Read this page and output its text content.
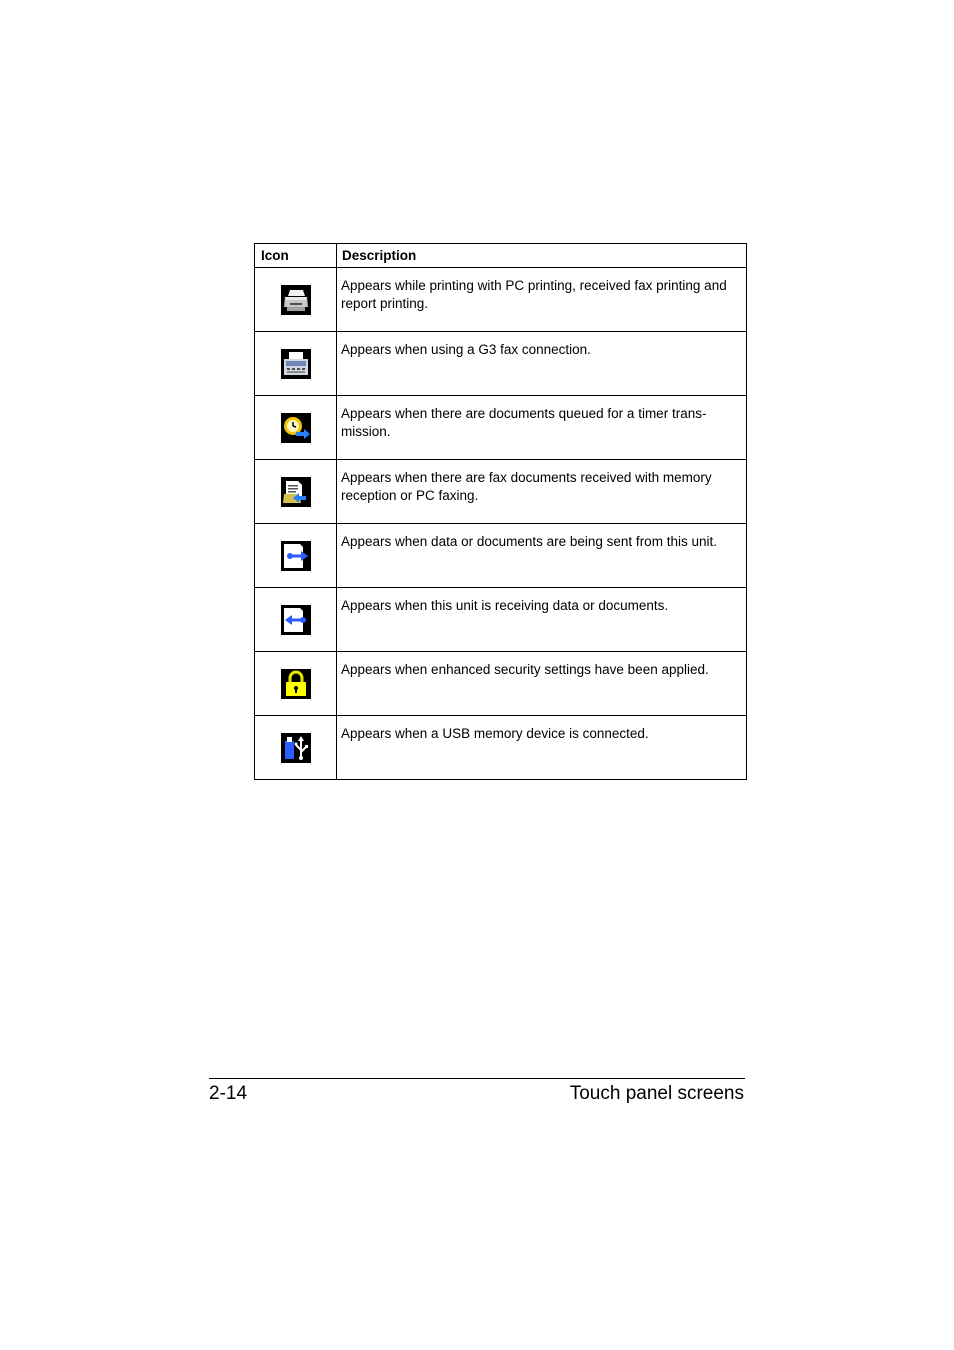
Icon	Description

	Appears while printing with PC printing, received fax printing and report printing.

	Appears when using a G3 fax connection.

	Appears when there are documents queued for a timer trans-mission.

	Appears when there are fax documents received with memory reception or PC faxing.

	Appears when data or documents are being sent from this unit.

	Appears when this unit is receiving data or documents.

	Appears when enhanced security settings have been applied.

	Appears when a USB memory device is connected.
2-14	Touch panel screens
